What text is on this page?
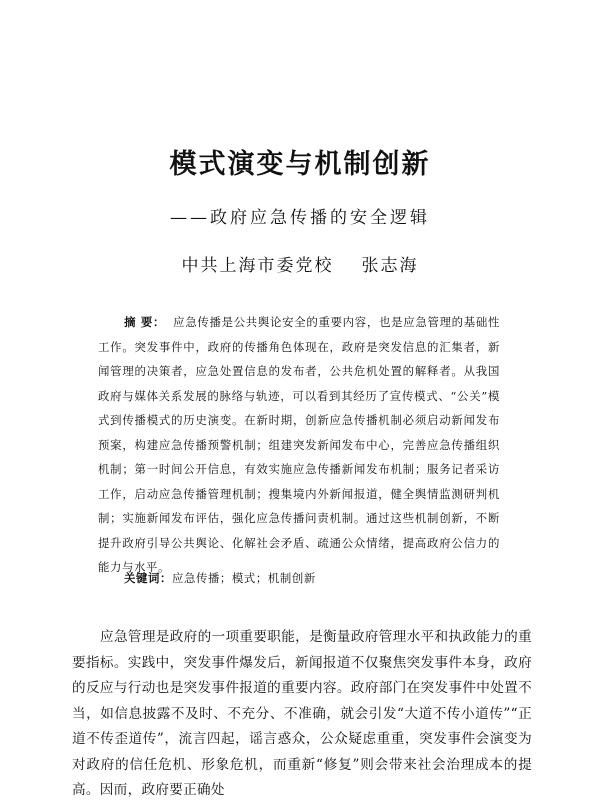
模式演变与机制创新
——政府应急传播的安全逻辑
中共上海市委党校 张志海
摘 要： 应急传播是公共舆论安全的重要内容，也是应急管理的基础性工作。突发事件中，政府的传播角色体现在，政府是突发信息的汇集者，新闻管理的决策者，应急处置信息的发布者，公共危机处置的解释者。从我国政府与媒体关系发展的脉络与轨迹，可以看到其经历了宣传模式、“公关”模式到传播模式的历史演变。在新时期，创新应急传播机制必须启动新闻发布预案，构建应急传播预警机制；组建突发新闻发布中心，完善应急传播组织机制；第一时间公开信息，有效实施应急传播新闻发布机制；服务记者采访工作，启动应急传播管理机制；搜集境内外新闻报道，健全舆情监测研判机制；实施新闻发布评估，强化应急传播问责机制。通过这些机制创新，不断提升政府引导公共舆论、化解社会矛盾、疏通公众情绪，提高政府公信力的能力与水平。
关键词：应急传播；模式；机制创新
应急管理是政府的一项重要职能，是衡量政府管理水平和执政能力的重要指标。实践中，突发事件爆发后，新闻报道不仅聚焦突发事件本身，政府的反应与行动也是突发事件报道的重要内容。政府部门在突发事件中处置不当，如信息披露不及时、不充分、不准确，就会引发“大道不传小道传”“正道不传歪道传”，流言四起，谣言惑众，公众疑虑重重，突发事件会演变为对政府的信任危机、形象危机，而重新“修复”则会带来社会治理成本的提高。因而，政府要正确处
